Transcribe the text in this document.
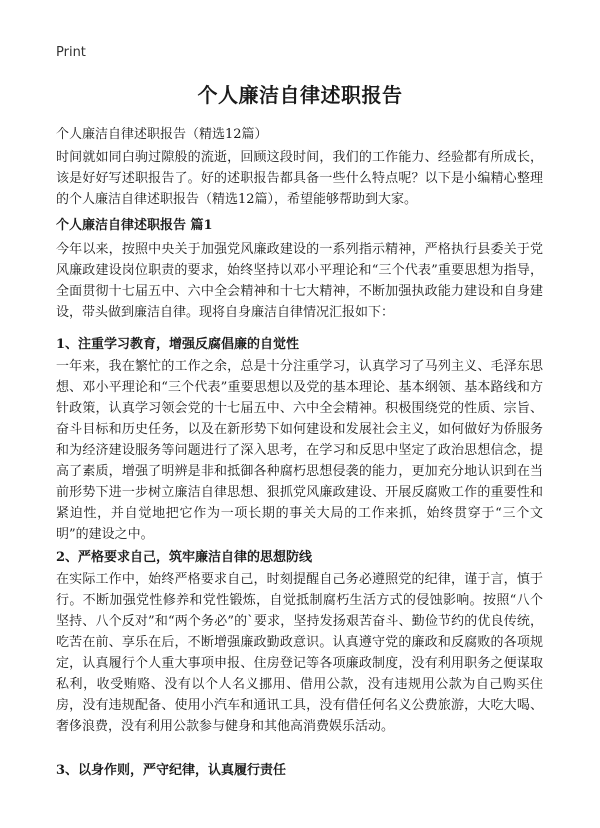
Print
个人廉洁自律述职报告
个人廉洁自律述职报告（精选12篇）

时间就如同白驹过隙般的流逝，回顾这段时间，我们的工作能力、经验都有所成长，该是好好写述职报告了。好的述职报告都具备一些什么特点呢？以下是小编精心整理的个人廉洁自律述职报告（精选12篇），希望能够帮助到大家。

个人廉洁自律述职报告 篇1

今年以来，按照中央关于加强党风廉政建设的一系列指示精神，严格执行县委关于党风廉政建设岗位职责的要求，始终坚持以邓小平理论和“三个代表”重要思想为指导，全面贯彻十七届五中、六中全会精神和十七大精神，不断加强执政能力建设和自身建设，带头做到廉洁自律。现将自身廉洁自律情况汇报如下：

1、注重学习教育，增强反腐倡廉的自觉性

一年来，我在繁忙的工作之余，总是十分注重学习，认真学习了马列主义、毛泽东思想、邓小平理论和“三个代表”重要思想以及党的基本理论、基本纲领、基本路线和方针政策，认真学习领会党的十七届五中、六中全会精神。积极围绕党的性质、宗旨、奋斗目标和历史任务，以及在新形势下如何建设和发展社会主义，如何做好为侨服务和为经济建设服务等问题进行了深入思考，在学习和反思中坚定了政治思想信念，提高了素质，增强了明辨是非和抵御各种腐朽思想侵袭的能力，更加充分地认识到在当前形势下进一步树立廉洁自律思想、狠抓党风廉政建设、开展反腐败工作的重要性和紧迫性，并自觉地把它作为一项长期的事关大局的工作来抓，始终贯穿于“三个文明”的建设之中。

2、严格要求自己，筑牢廉洁自律的思想防线

在实际工作中，始终严格要求自己，时刻提醒自己务必遵照党的纪律，谨于言，慎于行。不断加强党性修养和党性锻炼，自觉抵制腐朽生活方式的侵蚀影响。按照“八个坚持、八个反对”和“两个务必”的`要求，坚持发扬艰苦奋斗、勤俭节约的优良传统，吃苦在前、享乐在后，不断增强廉政勤政意识。认真遵守党的廉政和反腐败的各项规定，认真履行个人重大事项申报、住房登记等各项廉政制度，没有利用职务之便谋取私利，收受贿赂、没有以个人名义挪用、借用公款，没有违规用公款为自己购买住房，没有违规配备、使用小汽车和通讯工具，没有借任何名义公费旅游，大吃大喝、奢侈浪费，没有利用公款参与健身和其他高消费娱乐活动。

3、以身作则，严守纪律，认真履行责任
